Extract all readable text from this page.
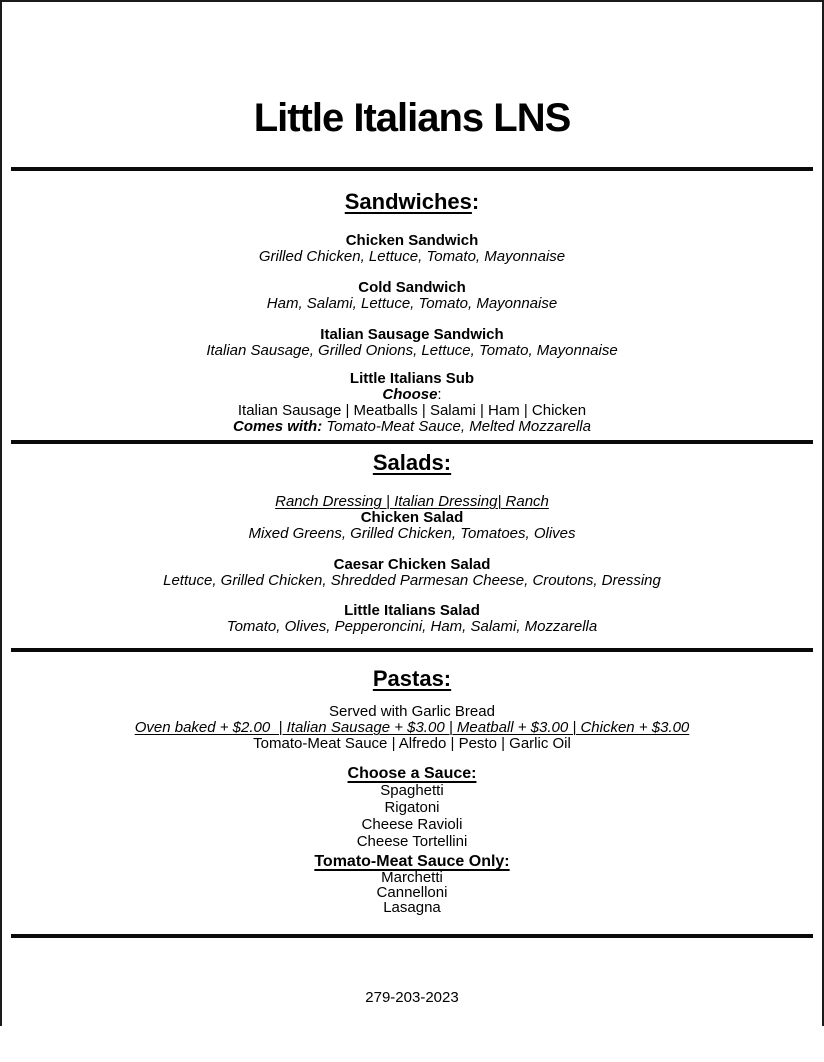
Little Italians LNS
Sandwiches:
Chicken Sandwich
Grilled Chicken, Lettuce, Tomato, Mayonnaise
Cold Sandwich
Ham, Salami, Lettuce, Tomato, Mayonnaise
Italian Sausage Sandwich
Italian Sausage, Grilled Onions, Lettuce, Tomato, Mayonnaise
Little Italians Sub
Choose:
Italian Sausage | Meatballs | Salami | Ham | Chicken
Comes with: Tomato-Meat Sauce, Melted Mozzarella
Salads:
Ranch Dressing | Italian Dressing| Ranch
Chicken Salad
Mixed Greens, Grilled Chicken, Tomatoes, Olives
Caesar Chicken Salad
Lettuce, Grilled Chicken, Shredded Parmesan Cheese, Croutons, Dressing
Little Italians Salad
Tomato, Olives, Pepperoncini, Ham, Salami, Mozzarella
Pastas:
Served with Garlic Bread
Oven baked + $2.00  | Italian Sausage + $3.00 | Meatball + $3.00 | Chicken + $3.00
Tomato-Meat Sauce | Alfredo | Pesto | Garlic Oil
Choose a Sauce:
Spaghetti
Rigatoni
Cheese Ravioli
Cheese Tortellini
Tomato-Meat Sauce Only:
Marchetti
Cannelloni
Lasagna
279-203-2023
